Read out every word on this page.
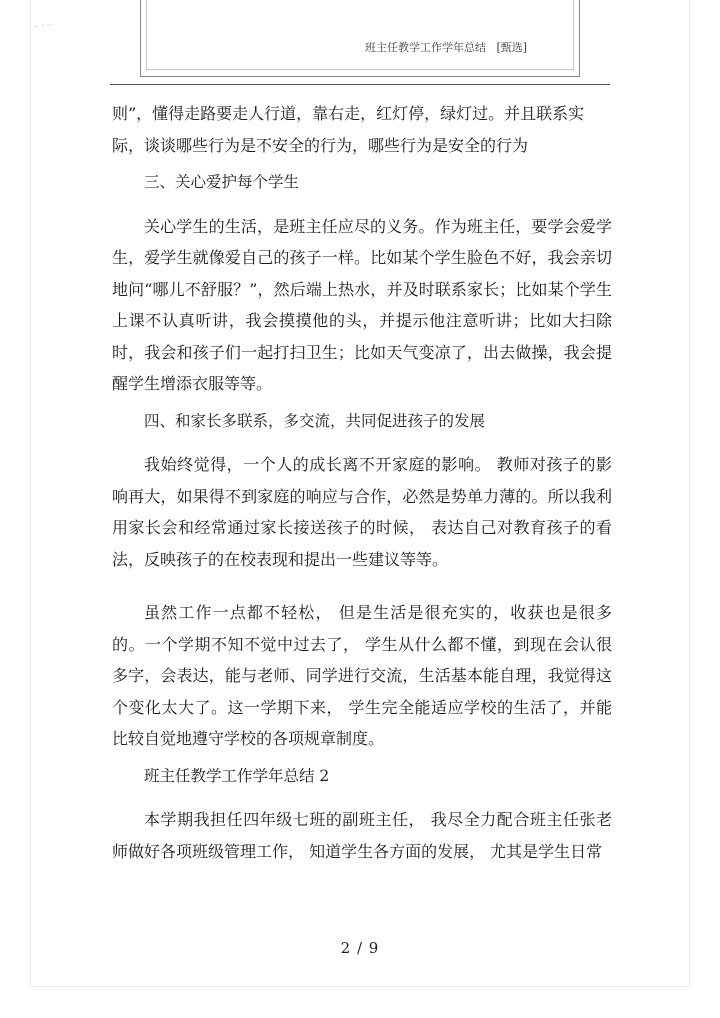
_ . .
班主任教学工作学年总结 [甄选]

则”，懂得走路要走人行道，靠右走，红灯停，绿灯过。并且联系实

际，谈谈哪些行为是不安全的行为，哪些行为是安全的行为

三、关心爱护每个学生

关心学生的生活，是班主任应尽的义务。作为班主任，要学会爱学生，爱学生就像爱自己的孩子一样。比如某个学生脸色不好，我会亲切地问“哪儿不舒服？”，然后端上热水，并及时联系家长；比如某个学生上课不认真听讲，我会摸摸他的头，并提示他注意听讲；比如大扫除时，我会和孩子们一起打扫卫生；比如天气变凉了，出去做操，我会提醒学生增添衣服等等。

四、和家长多联系，多交流，共同促进孩子的发展

我始终觉得，一个人的成长离不开家庭的影响。 教师对孩子的影响再大，如果得不到家庭的响应与合作，必然是势单力薄的。所以我利用家长会和经常通过家长接送孩子的时候， 表达自己对教育孩子的看法，反映孩子的在校表现和提出一些建议等等。

虽然工作一点都不轻松， 但是生活是很充实的，收获也是很多的。一个学期不知不觉中过去了， 学生从什么都不懂，到现在会认很多字，会表达，能与老师、同学进行交流，生活基本能自理，我觉得这个变化太大了。这一学期下来， 学生完全能适应学校的生活了，并能比较自觉地遵守学校的各项规章制度。

班主任教学工作学年总结 2

本学期我担任四年级七班的副班主任， 我尽全力配合班主任张老师做好各项班级管理工作， 知道学生各方面的发展， 尤其是学生日常

2 / 9
